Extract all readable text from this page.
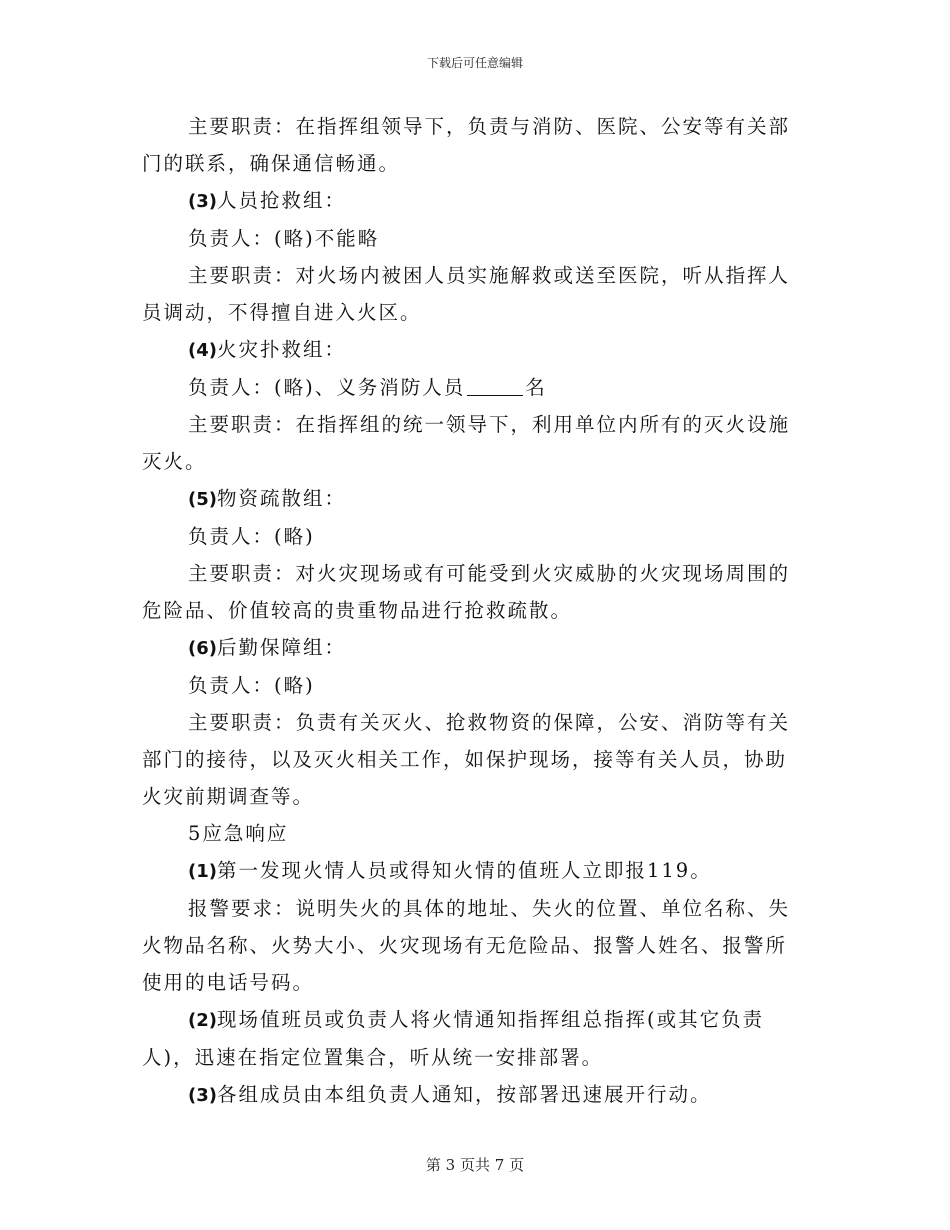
下载后可任意编辑

主要职责：在指挥组领导下，负责与消防、医院、公安等有关部门的联系，确保通信畅通。

(3)人员抢救组：

负责人：(略)不能略

主要职责：对火场内被困人员实施解救或送至医院，听从指挥人员调动，不得擅自进入火区。

(4)火灾扑救组：

负责人：(略)、义务消防人员	名

主要职责：在指挥组的统一领导下，利用单位内所有的灭火设施灭火。

(5)物资疏散组：

负责人：(略)

主要职责：对火灾现场或有可能受到火灾威胁的火灾现场周围的危险品、价值较高的贵重物品进行抢救疏散。

(6)后勤保障组：

负责人：(略)

主要职责：负责有关灭火、抢救物资的保障，公安、消防等有关部门的接待，以及灭火相关工作，如保护现场，接等有关人员，协助火灾前期调查等。

5应急响应

(1)第一发现火情人员或得知火情的值班人立即报119。

报警要求：说明失火的具体的地址、失火的位置、单位名称、失火物品名称、火势大小、火灾现场有无危险品、报警人姓名、报警所使用的电话号码。

(2)现场值班员或负责人将火情通知指挥组总指挥(或其它负责人)，迅速在指定位置集合，听从统一安排部署。

(3)各组成员由本组负责人通知，按部署迅速展开行动。

第 3 页共 7 页
